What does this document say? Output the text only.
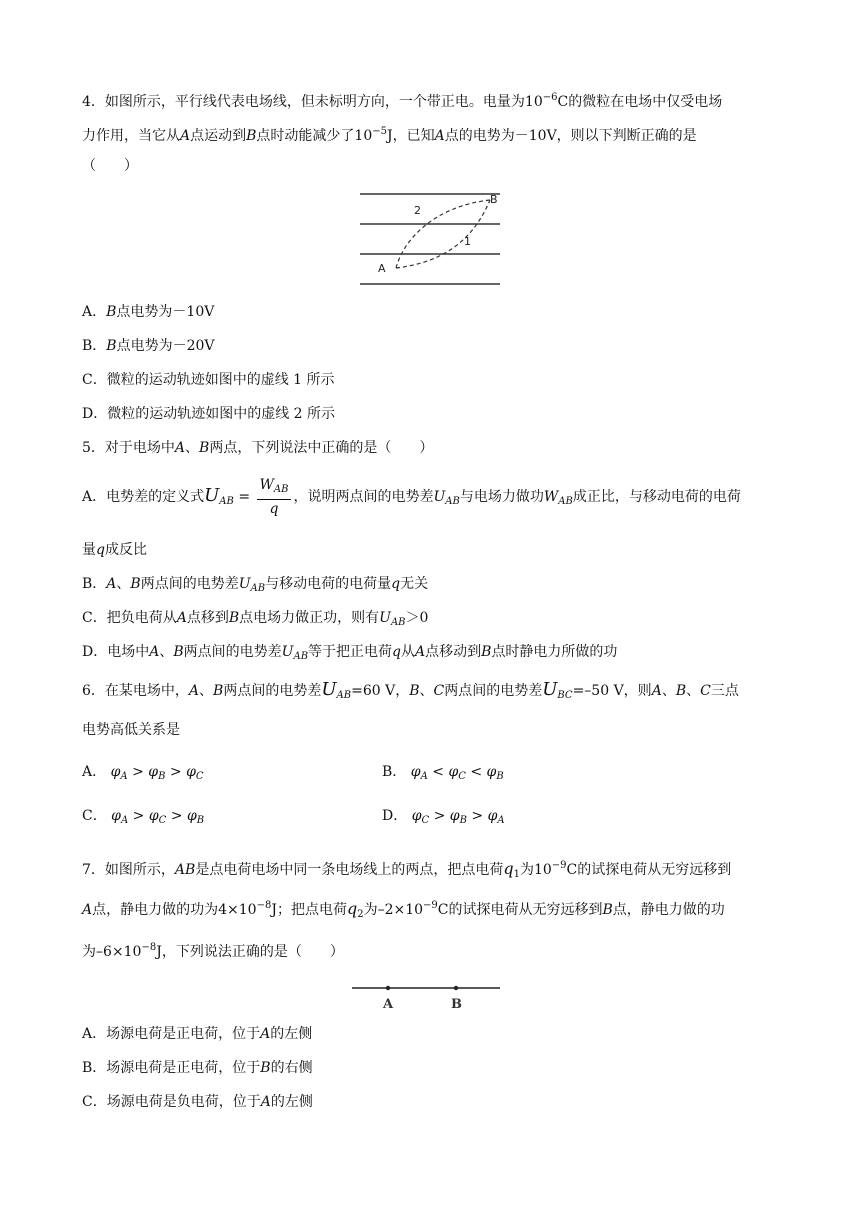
4．如图所示，平行线代表电场线，但未标明方向，一个带正电。电量为$10^{-6}C$的微粒在电场中仅受电场
力作用，当它从A点运动到B点时动能减少了$10^{-5}J$，已知A点的电势为－10V，则以下判断正确的是
（　　）
A
B
2
1
A．B点电势为－10V
B．B点电势为－20V
C．微粒的运动轨迹如图中的虚线 1 所示
D．微粒的运动轨迹如图中的虚线 2 所示
5．对于电场中A、B两点，下列说法中正确的是（　　）
A．电势差的定义式$U_{AB} = \frac{W_{AB}}{q}$ ，说明两点间的电势差$U_{AB}$与电场力做功$W_{AB}$成正比，与移动电荷的电荷
量q成反比
B．A、B两点间的电势差$U_{AB}$与移动电荷的电荷量q无关
C．把负电荷从A点移到B点电场力做正功，则有$U_{AB}>0$
D．电场中A、B两点间的电势差$U_{AB}$等于把正电荷q从A点移动到B点时静电力所做的功
6．在某电场中，A、B两点间的电势差$U_{AB}=60$ V，B、C两点间的电势差$U_{BC}=-50$ V，则A、B、C三点
电势高低关系是
A． $\varphi_A > \varphi_B > \varphi_C$	B． $\varphi_A < \varphi_C < \varphi_B$
C． $\varphi_A > \varphi_C > \varphi_B$	D． $\varphi_C > \varphi_B > \varphi_A$
7．如图所示，AB是点电荷电场中同一条电场线上的两点，把点电荷$q_1$为$10^{-9}C$的试探电荷从无穷远移到
A点，静电力做的功为$4\times 10^{-8}J$；把点电荷$q_2$为$-2\times 10^{-9}C$的试探电荷从无穷远移到B点，静电力做的功
为$-6\times 10^{-8}J$，下列说法正确的是（　　）
A	B
A．场源电荷是正电荷，位于A的左侧
B．场源电荷是正电荷，位于B的右侧
C．场源电荷是负电荷，位于A的左侧
